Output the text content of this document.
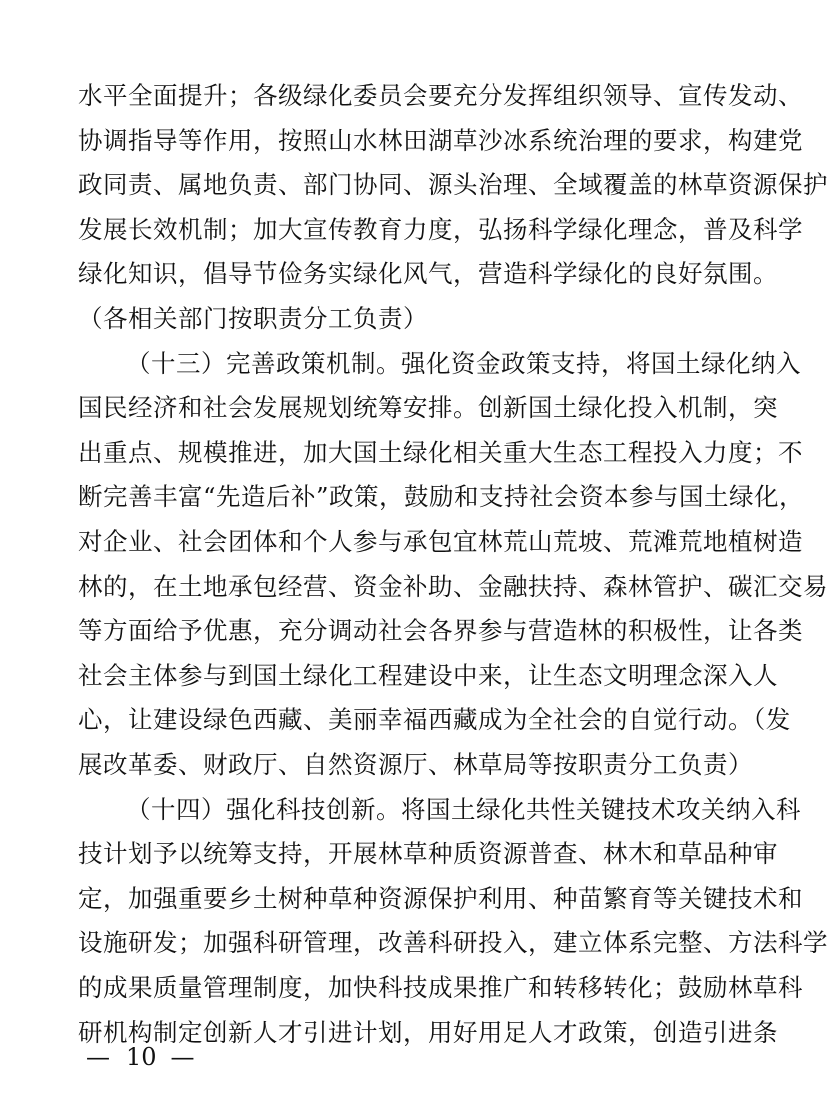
水平全面提升；各级绿化委员会要充分发挥组织领导、宣传发动、
协调指导等作用，按照山水林田湖草沙冰系统治理的要求，构建党
政同责、属地负责、部门协同、源头治理、全域覆盖的林草资源保护
发展长效机制；加大宣传教育力度，弘扬科学绿化理念，普及科学
绿化知识，倡导节俭务实绿化风气，营造科学绿化的良好氛围。
（各相关部门按职责分工负责）
（十三）完善政策机制。强化资金政策支持，将国土绿化纳入
国民经济和社会发展规划统筹安排。创新国土绿化投入机制，突
出重点、规模推进，加大国土绿化相关重大生态工程投入力度；不
断完善丰富“先造后补”政策，鼓励和支持社会资本参与国土绿化，
对企业、社会团体和个人参与承包宜林荒山荒坡、荒滩荒地植树造
林的，在土地承包经营、资金补助、金融扶持、森林管护、碳汇交易
等方面给予优惠，充分调动社会各界参与营造林的积极性，让各类
社会主体参与到国土绿化工程建设中来，让生态文明理念深入人
心，让建设绿色西藏、美丽幸福西藏成为全社会的自觉行动。（发
展改革委、财政厅、自然资源厅、林草局等按职责分工负责）
（十四）强化科技创新。将国土绿化共性关键技术攻关纳入科
技计划予以统筹支持，开展林草种质资源普查、林木和草品种审
定，加强重要乡土树种草种资源保护利用、种苗繁育等关键技术和
设施研发；加强科研管理，改善科研投入，建立体系完整、方法科学
的成果质量管理制度，加快科技成果推广和转移转化；鼓励林草科
研机构制定创新人才引进计划，用好用足人才政策，创造引进条
— 10 —
